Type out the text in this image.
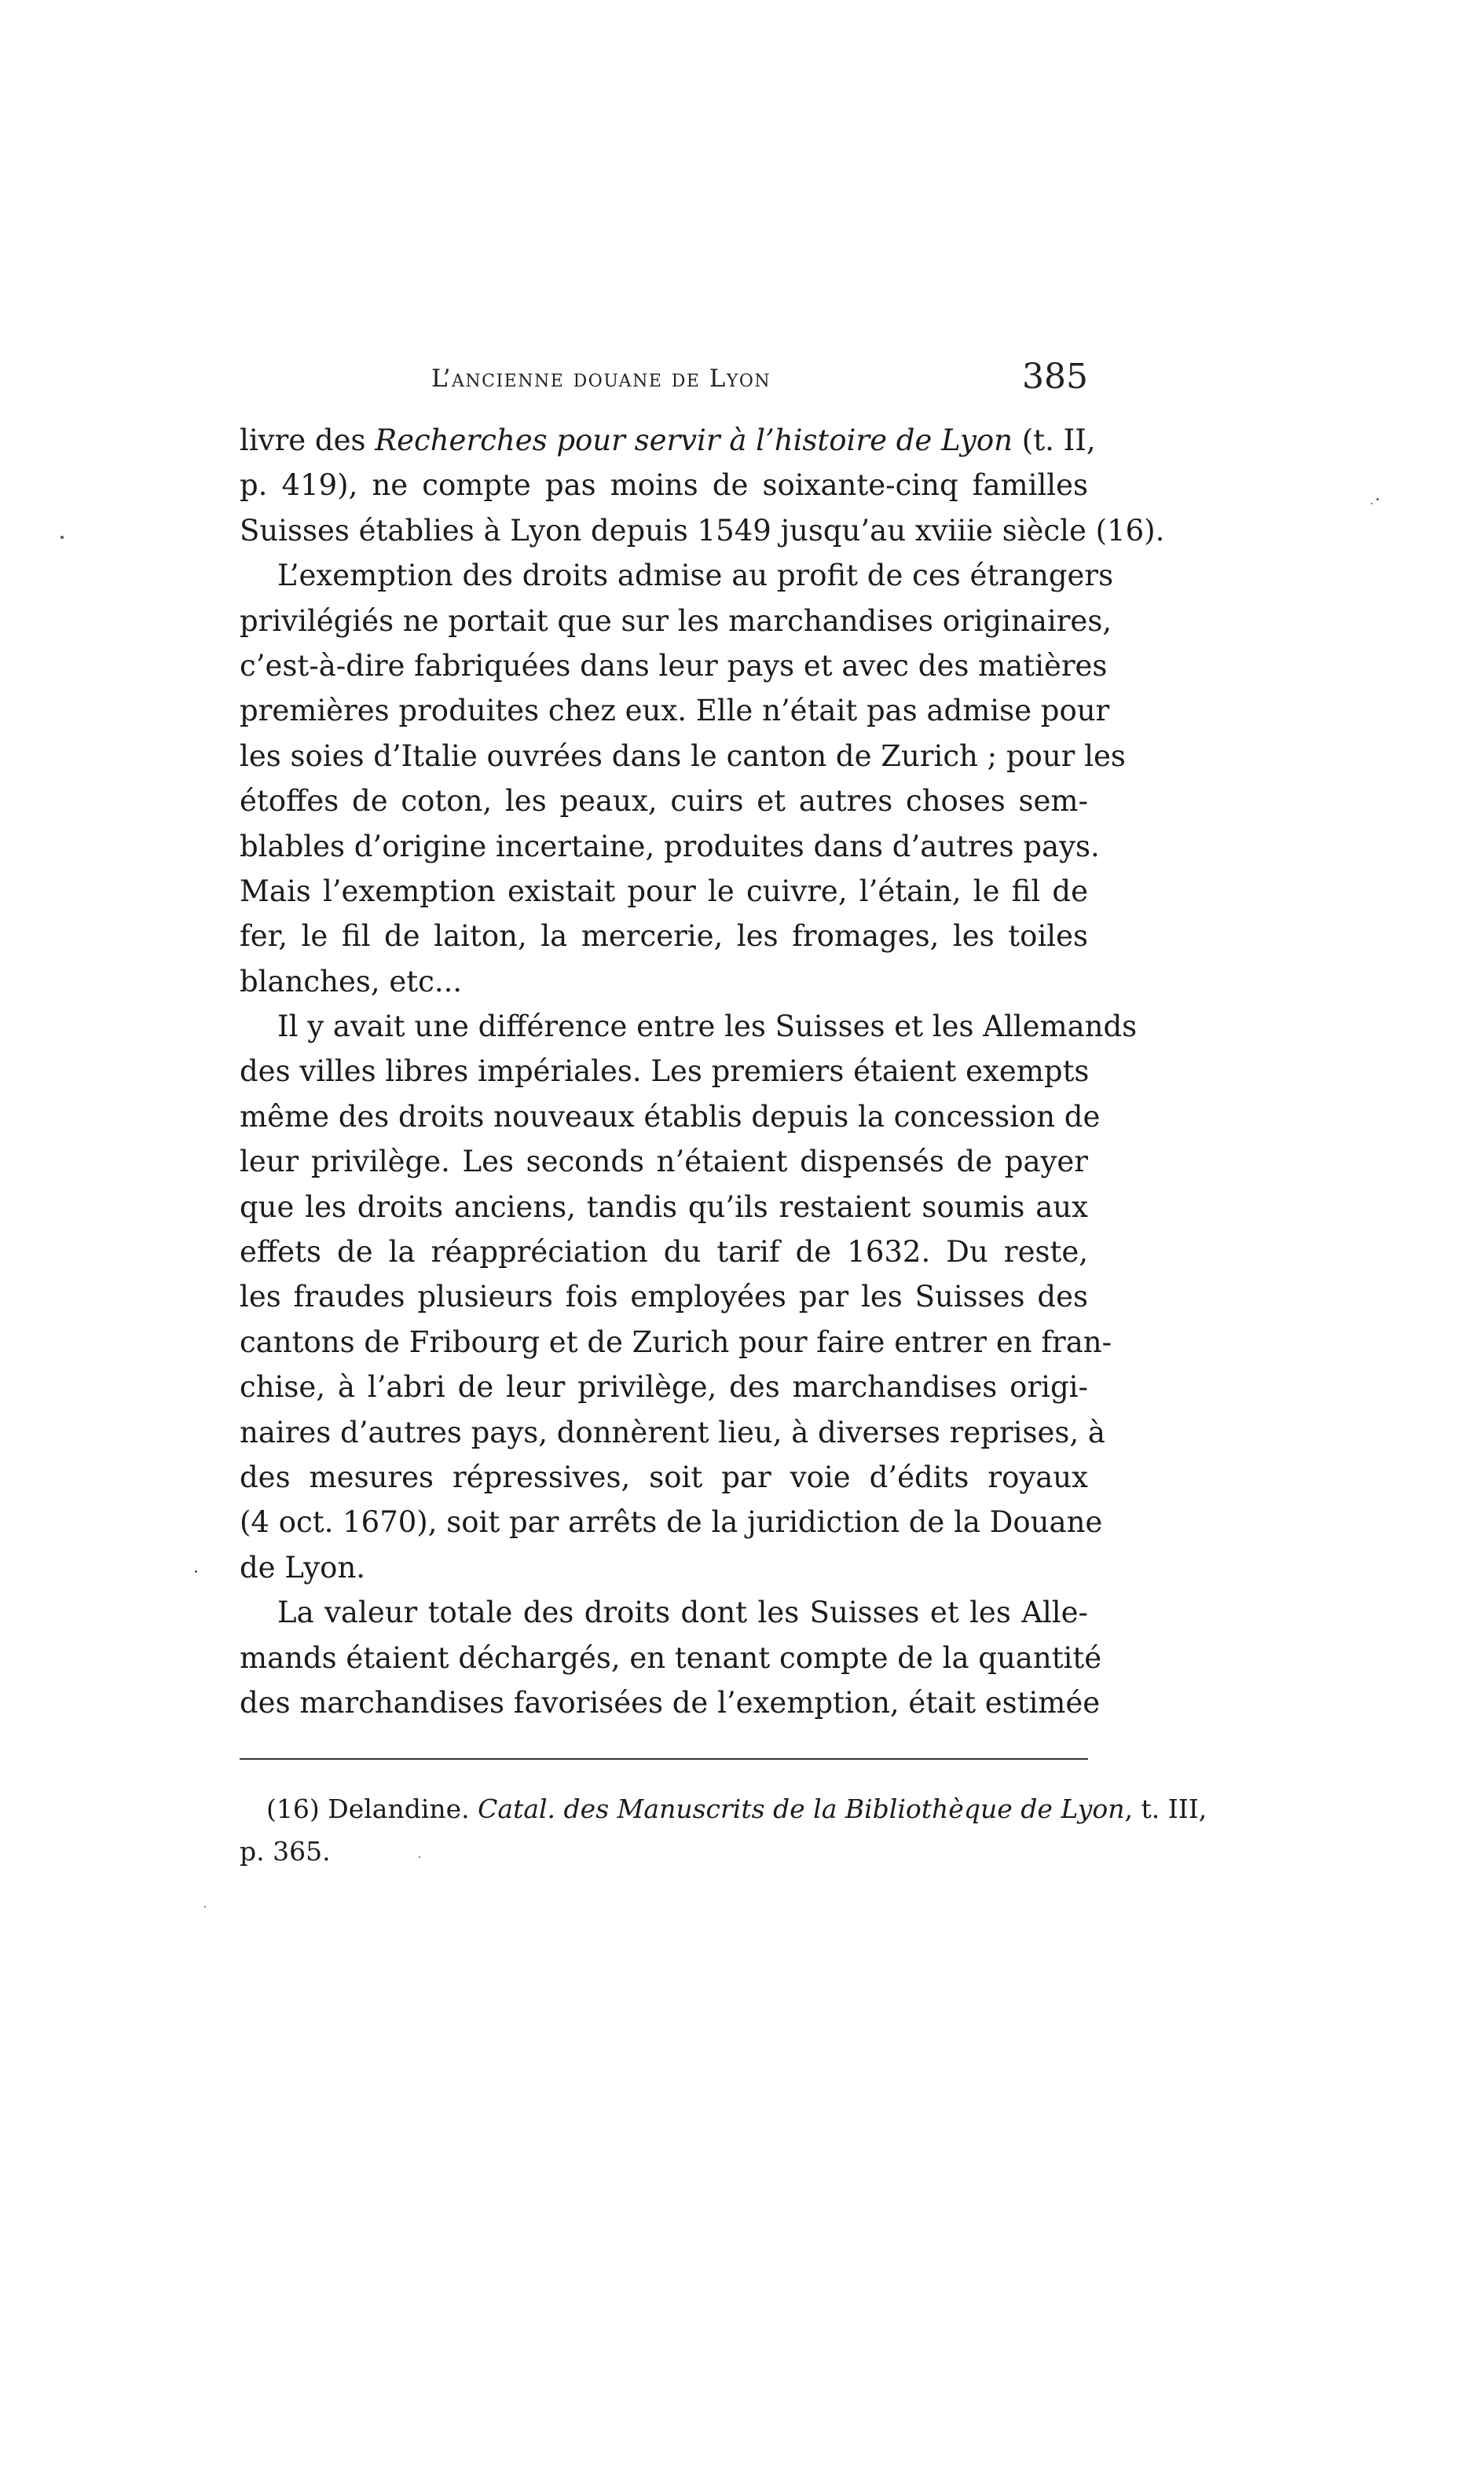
L’ancienne douane de Lyon	385
livre des Recherches pour servir à l’histoire de Lyon (t. II,
p. 419), ne compte pas moins de soixante-cinq familles
Suisses établies à Lyon depuis 1549 jusqu’au xviiie siècle (16).
L’exemption des droits admise au profit de ces étrangers
privilégiés ne portait que sur les marchandises originaires,
c’est-à-dire fabriquées dans leur pays et avec des matières
premières produites chez eux. Elle n’était pas admise pour
les soies d’Italie ouvrées dans le canton de Zurich ; pour les
étoffes de coton, les peaux, cuirs et autres choses sem-
blables d’origine incertaine, produites dans d’autres pays.
Mais l’exemption existait pour le cuivre, l’étain, le fil de
fer, le fil de laiton, la mercerie, les fromages, les toiles
blanches, etc...
Il y avait une différence entre les Suisses et les Allemands
des villes libres impériales. Les premiers étaient exempts
même des droits nouveaux établis depuis la concession de
leur privilège. Les seconds n’étaient dispensés de payer
que les droits anciens, tandis qu’ils restaient soumis aux
effets de la réappréciation du tarif de 1632. Du reste,
les fraudes plusieurs fois employées par les Suisses des
cantons de Fribourg et de Zurich pour faire entrer en fran-
chise, à l’abri de leur privilège, des marchandises origi-
naires d’autres pays, donnèrent lieu, à diverses reprises, à
des mesures répressives, soit par voie d’édits royaux
(4 oct. 1670), soit par arrêts de la juridiction de la Douane
de Lyon.
La valeur totale des droits dont les Suisses et les Alle-
mands étaient déchargés, en tenant compte de la quantité
des marchandises favorisées de l’exemption, était estimée
(16) Delandine. Catal. des Manuscrits de la Bibliothèque de Lyon, t. III,
p. 365.
